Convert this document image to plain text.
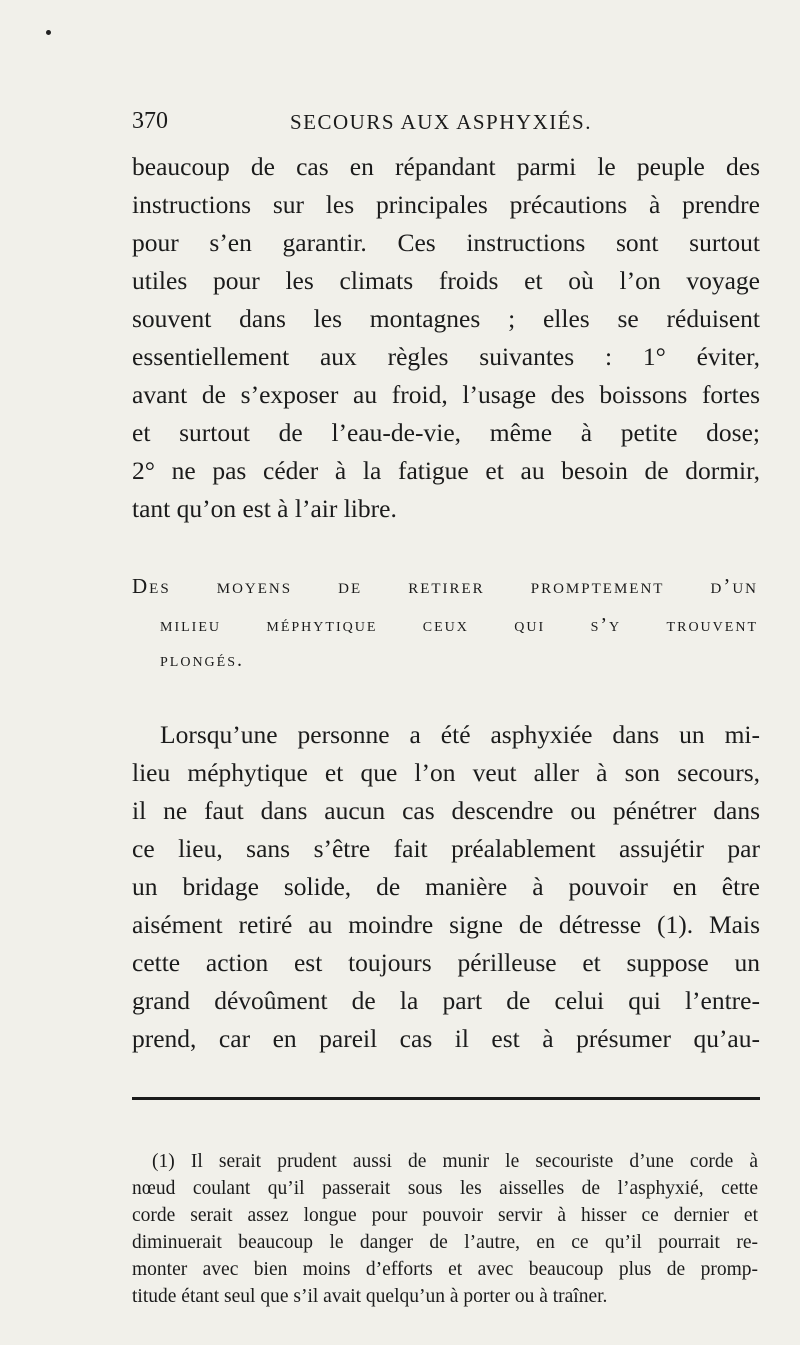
370	SECOURS AUX ASPHYXIÉS.
beaucoup de cas en répandant parmi le peuple des
instructions sur les principales précautions à prendre
pour s’en garantir. Ces instructions sont surtout
utiles pour les climats froids et où l’on voyage
souvent dans les montagnes ; elles se réduisent
essentiellement aux règles suivantes : 1° éviter,
avant de s’exposer au froid, l’usage des boissons fortes
et surtout de l’eau-de-vie, même à petite dose;
2° ne pas céder à la fatigue et au besoin de dormir,
tant qu’on est à l’air libre.
Des moyens de retirer promptement d’un
milieu méphytique ceux qui s’y trouvent
plongés.
Lorsqu’une personne a été asphyxiée dans un mi-
lieu méphytique et que l’on veut aller à son secours,
il ne faut dans aucun cas descendre ou pénétrer dans
ce lieu, sans s’être fait préalablement assujétir par
un bridage solide, de manière à pouvoir en être
aisément retiré au moindre signe de détresse (1). Mais
cette action est toujours périlleuse et suppose un
grand dévoûment de la part de celui qui l’entre-
prend, car en pareil cas il est à présumer qu’au-
(1) Il serait prudent aussi de munir le secouriste d’une corde à
nœud coulant qu’il passerait sous les aisselles de l’asphyxié, cette
corde serait assez longue pour pouvoir servir à hisser ce dernier et
diminuerait beaucoup le danger de l’autre, en ce qu’il pourrait re-
monter avec bien moins d’efforts et avec beaucoup plus de promp-
titude étant seul que s’il avait quelqu’un à porter ou à traîner.
